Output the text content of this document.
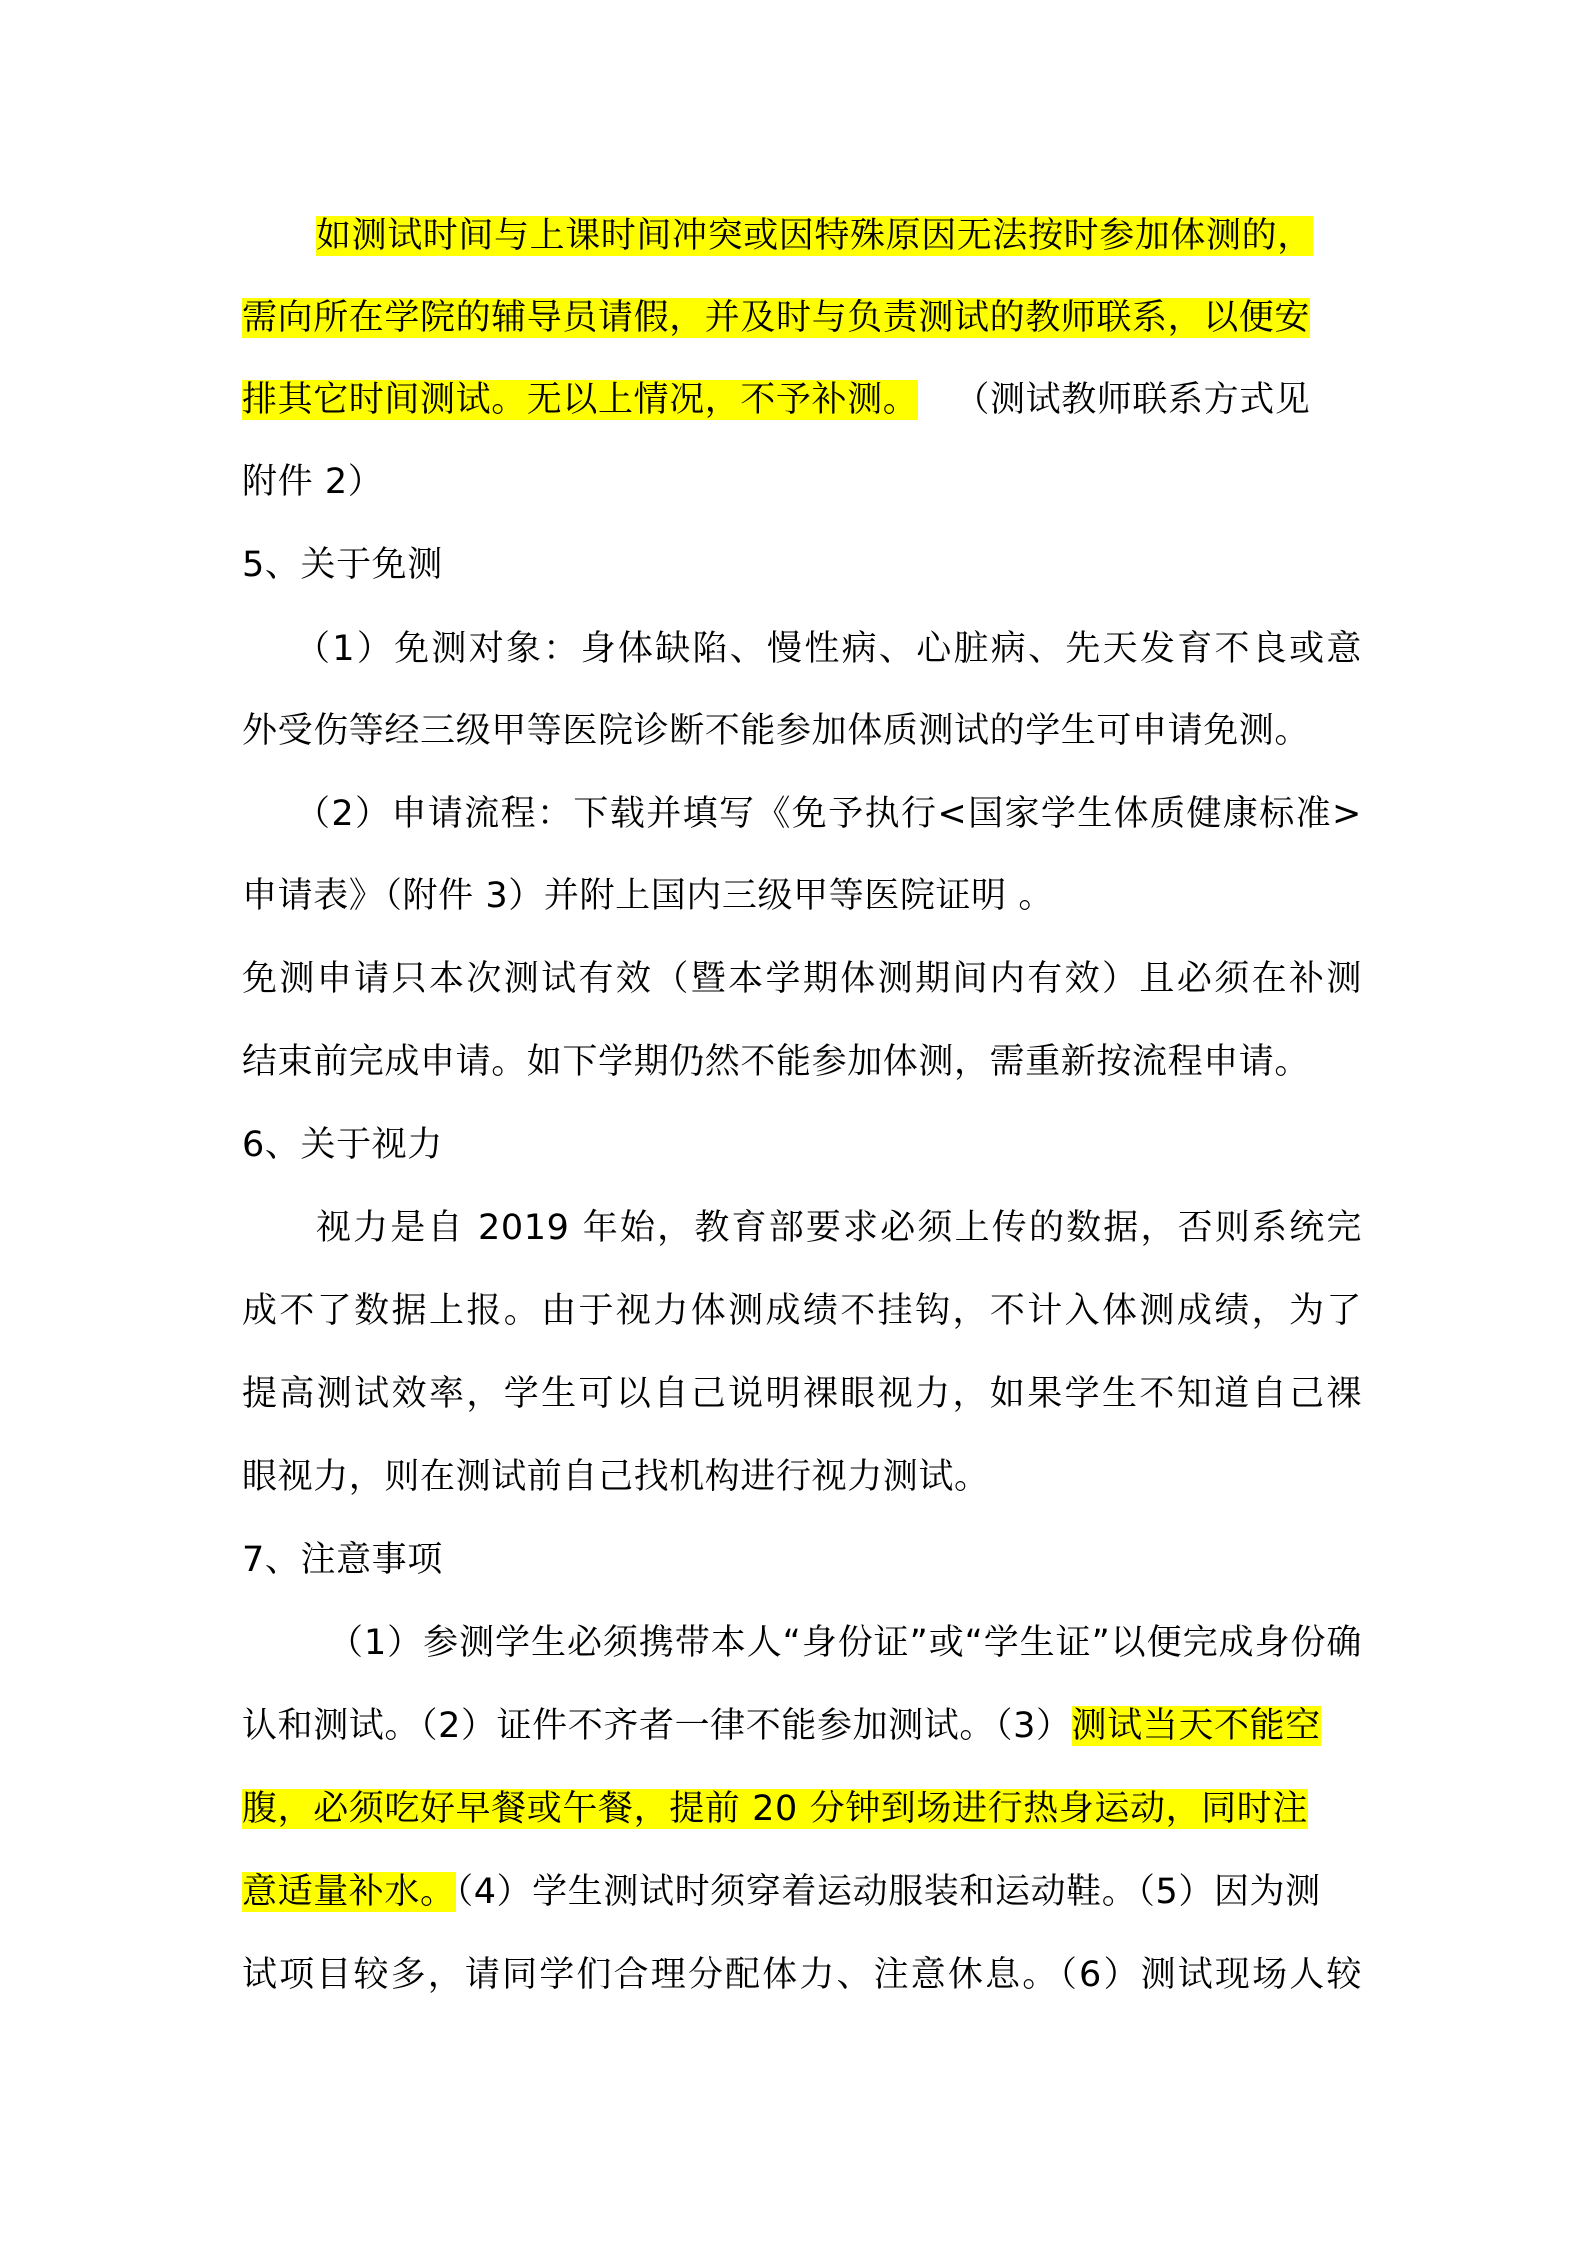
如测试时间与上课时间冲突或因特殊原因无法按时参加体测的，
需向所在学院的辅导员请假，并及时与负责测试的教师联系，以便安
排其它时间测试。无以上情况，不予补测。 （测试教师联系方式见
附件 2）
5、关于免测
（1）免测对象：身体缺陷、慢性病、心脏病、先天发育不良或意
外受伤等经三级甲等医院诊断不能参加体质测试的学生可申请免测。
（2）申请流程：下载并填写《免予执行<国家学生体质健康标准>
申请表》（附件 3）并附上国内三级甲等医院证明 。
免测申请只本次测试有效（暨本学期体测期间内有效）且必须在补测
结束前完成申请。如下学期仍然不能参加体测，需重新按流程申请。
6、关于视力
视力是自 2019 年始，教育部要求必须上传的数据，否则系统完
成不了数据上报。由于视力体测成绩不挂钩，不计入体测成绩，为了
提高测试效率，学生可以自己说明裸眼视力，如果学生不知道自己裸
眼视力，则在测试前自己找机构进行视力测试。
7、注意事项
（1）参测学生必须携带本人“身份证”或“学生证”以便完成身份确
认和测试。（2）证件不齐者一律不能参加测试。（3）测试当天不能空
腹，必须吃好早餐或午餐，提前 20 分钟到场进行热身运动，同时注
意适量补水。（4）学生测试时须穿着运动服装和运动鞋。（5）因为测
试项目较多，请同学们合理分配体力、注意休息。（6）测试现场人较
